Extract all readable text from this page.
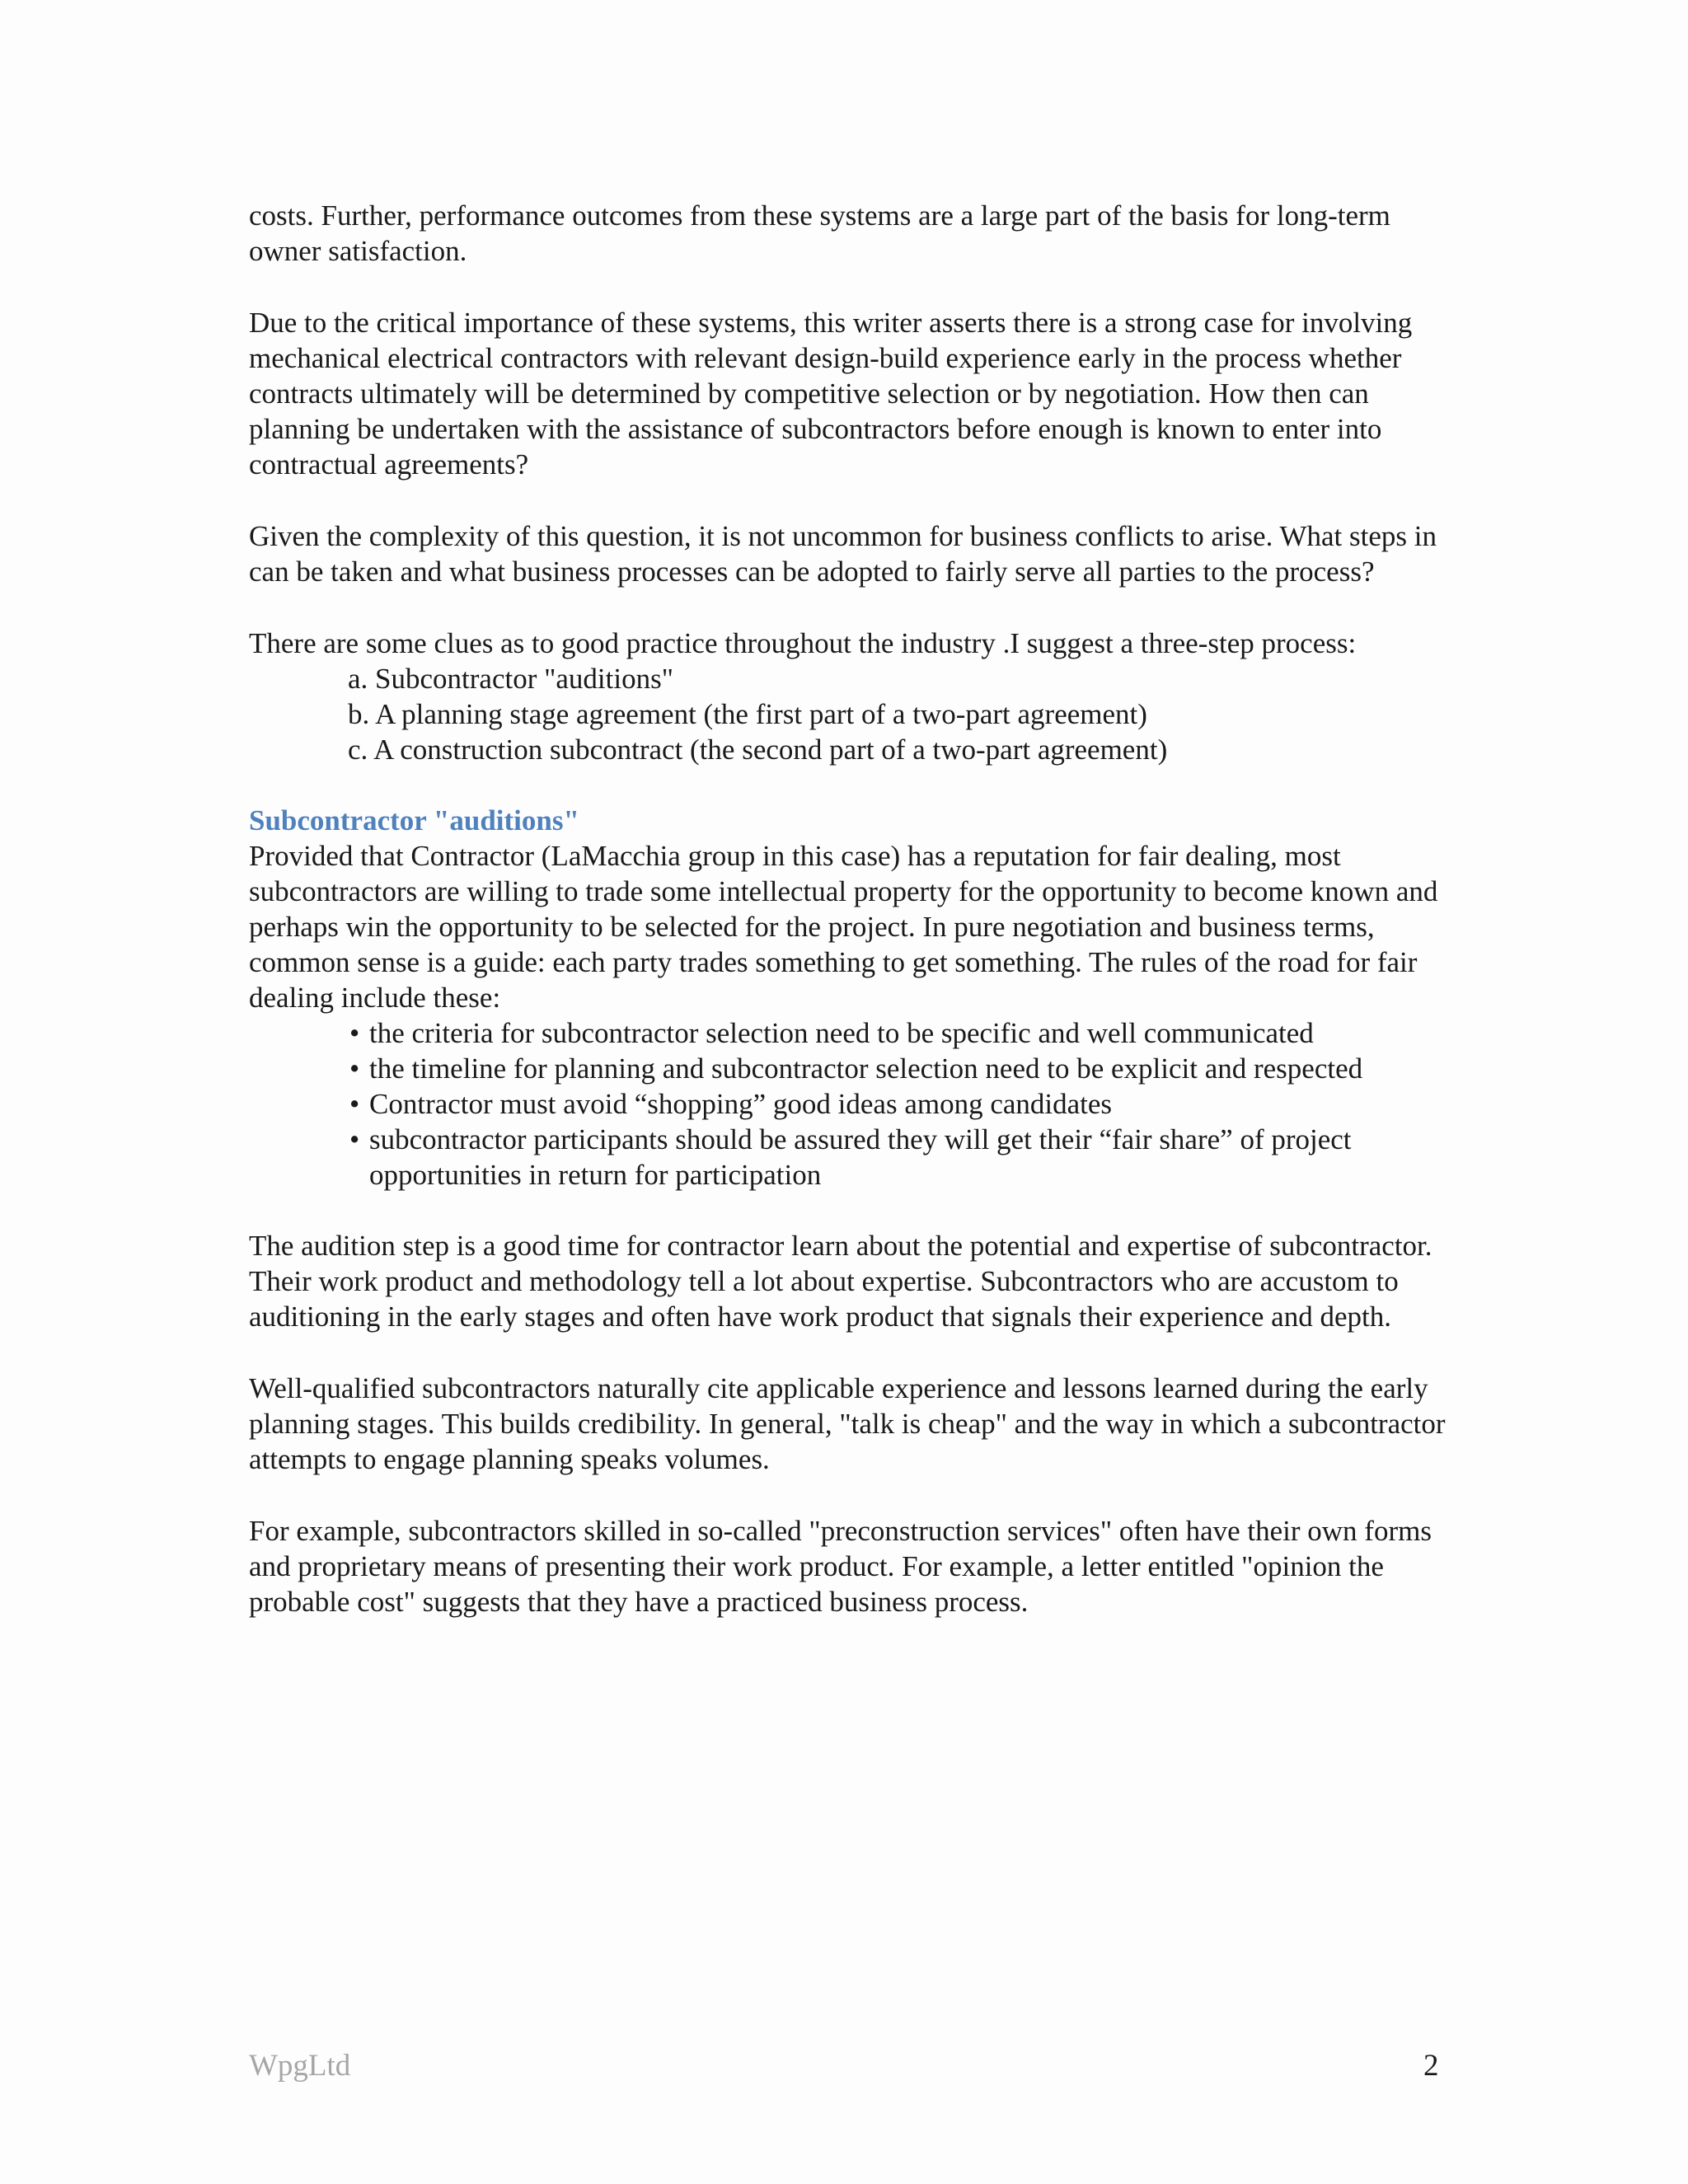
costs. Further, performance outcomes from these systems are a large part of the basis for long-term owner satisfaction.

Due to the critical importance of these systems, this writer asserts there is a strong case for involving mechanical electrical contractors with relevant design-build experience early in the process whether contracts ultimately will be determined by competitive selection or by negotiation. How then can planning be undertaken with the assistance of subcontractors before enough is known to enter into contractual agreements?

Given the complexity of this question, it is not uncommon for business conflicts to arise. What steps in can be taken and what business processes can be adopted to fairly serve all parties to the process?

There are some clues as to good practice throughout the industry .I suggest a three-step process:

a. Subcontractor "auditions"
b. A planning stage agreement (the first part of a two-part agreement)
c. A construction subcontract (the second part of a two-part agreement)
Subcontractor "auditions"

Provided that Contractor (LaMacchia group in this case) has a reputation for fair dealing, most subcontractors are willing to trade some intellectual property for the opportunity to become known and perhaps win the opportunity to be selected for the project. In pure negotiation and business terms, common sense is a guide: each party trades something to get something. The rules of the road for fair dealing include these:

• the criteria for subcontractor selection need to be specific and well communicated
• the timeline for planning and subcontractor selection need to be explicit and respected
• Contractor must avoid “shopping” good ideas among candidates
• subcontractor participants should be assured they will get their “fair share” of project opportunities in return for participation

The audition step is a good time for contractor learn about the potential and expertise of subcontractor. Their work product and methodology tell a lot about expertise. Subcontractors who are accustom to auditioning in the early stages and often have work product that signals their experience and depth.

Well-qualified subcontractors naturally cite applicable experience and lessons learned during the early planning stages. This builds credibility. In general, "talk is cheap" and the way in which a subcontractor attempts to engage planning speaks volumes.

For example, subcontractors skilled in so-called "preconstruction services" often have their own forms and proprietary means of presenting their work product. For example, a letter entitled "opinion the probable cost" suggests that they have a practiced business process.

WpgLtd	2
